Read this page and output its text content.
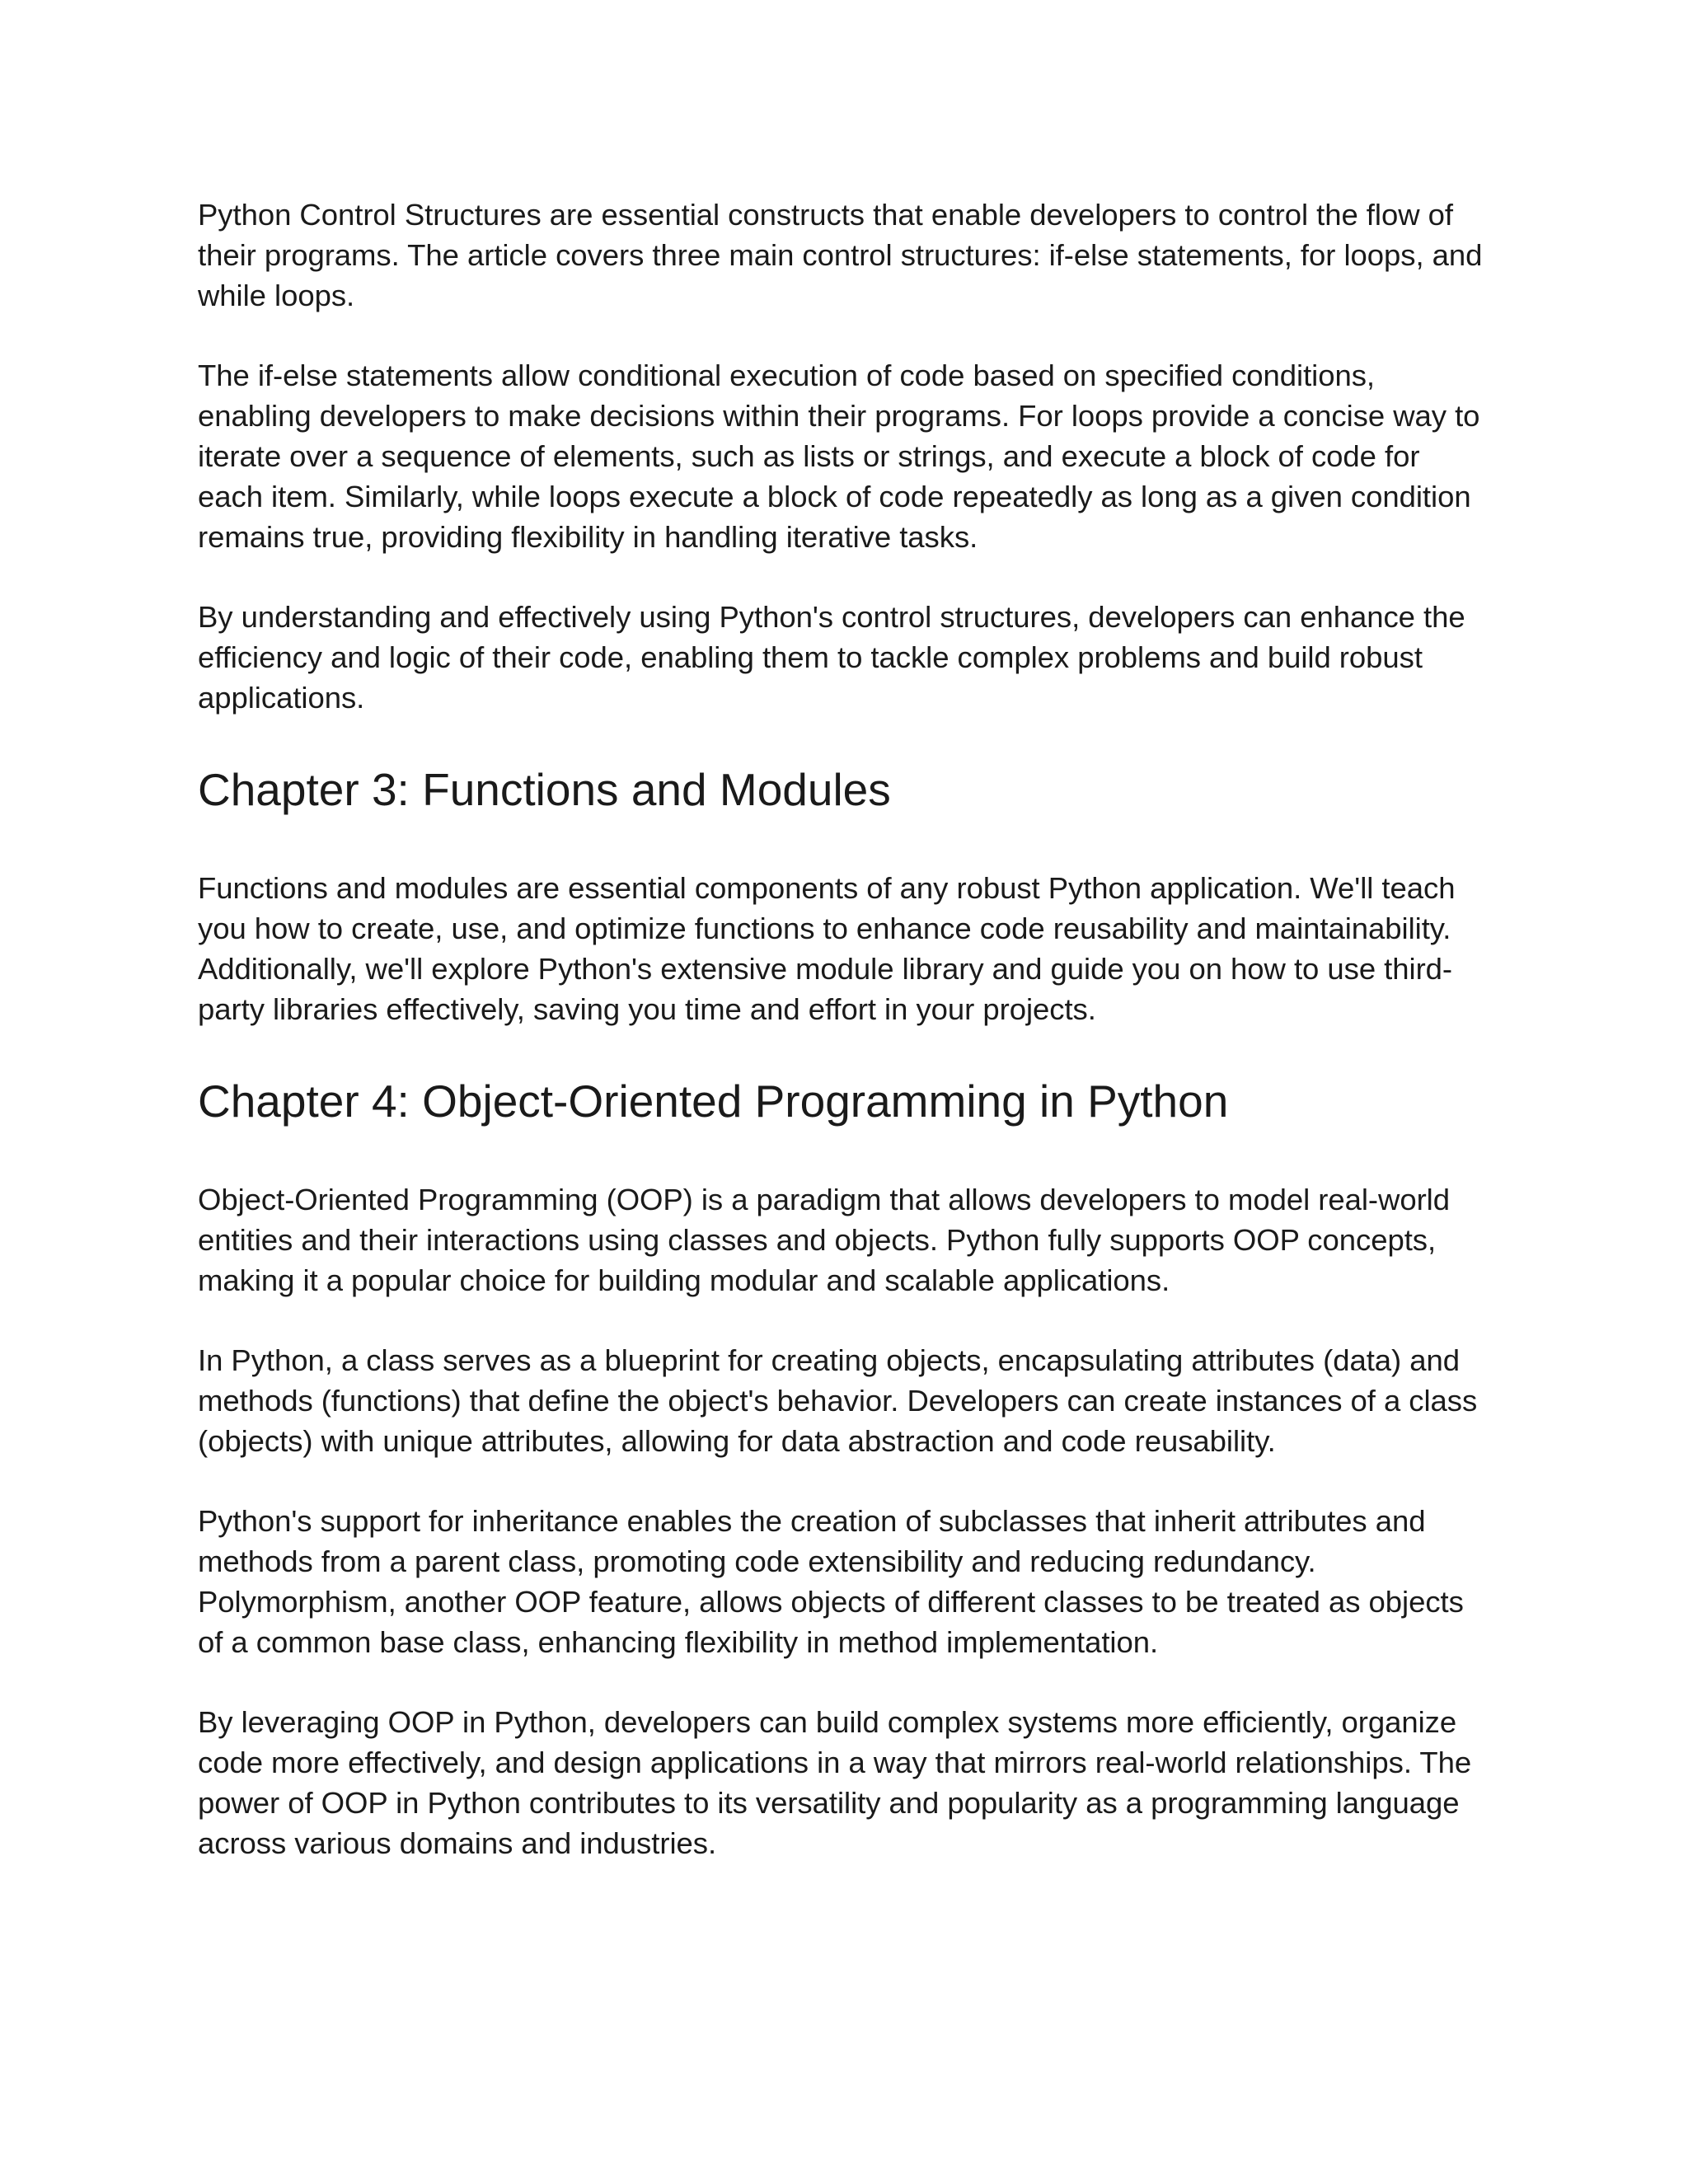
Python Control Structures are essential constructs that enable developers to control the flow of their programs. The article covers three main control structures: if-else statements, for loops, and while loops.

The if-else statements allow conditional execution of code based on specified conditions, enabling developers to make decisions within their programs. For loops provide a concise way to iterate over a sequence of elements, such as lists or strings, and execute a block of code for each item. Similarly, while loops execute a block of code repeatedly as long as a given condition remains true, providing flexibility in handling iterative tasks.

By understanding and effectively using Python's control structures, developers can enhance the efficiency and logic of their code, enabling them to tackle complex problems and build robust applications.

Chapter 3: Functions and Modules

Functions and modules are essential components of any robust Python application. We'll teach you how to create, use, and optimize functions to enhance code reusability and maintainability. Additionally, we'll explore Python's extensive module library and guide you on how to use third-party libraries effectively, saving you time and effort in your projects.

Chapter 4: Object-Oriented Programming in Python

Object-Oriented Programming (OOP) is a paradigm that allows developers to model real-world entities and their interactions using classes and objects. Python fully supports OOP concepts, making it a popular choice for building modular and scalable applications.

In Python, a class serves as a blueprint for creating objects, encapsulating attributes (data) and methods (functions) that define the object's behavior. Developers can create instances of a class (objects) with unique attributes, allowing for data abstraction and code reusability.

Python's support for inheritance enables the creation of subclasses that inherit attributes and methods from a parent class, promoting code extensibility and reducing redundancy. Polymorphism, another OOP feature, allows objects of different classes to be treated as objects of a common base class, enhancing flexibility in method implementation.

By leveraging OOP in Python, developers can build complex systems more efficiently, organize code more effectively, and design applications in a way that mirrors real-world relationships. The power of OOP in Python contributes to its versatility and popularity as a programming language across various domains and industries.
